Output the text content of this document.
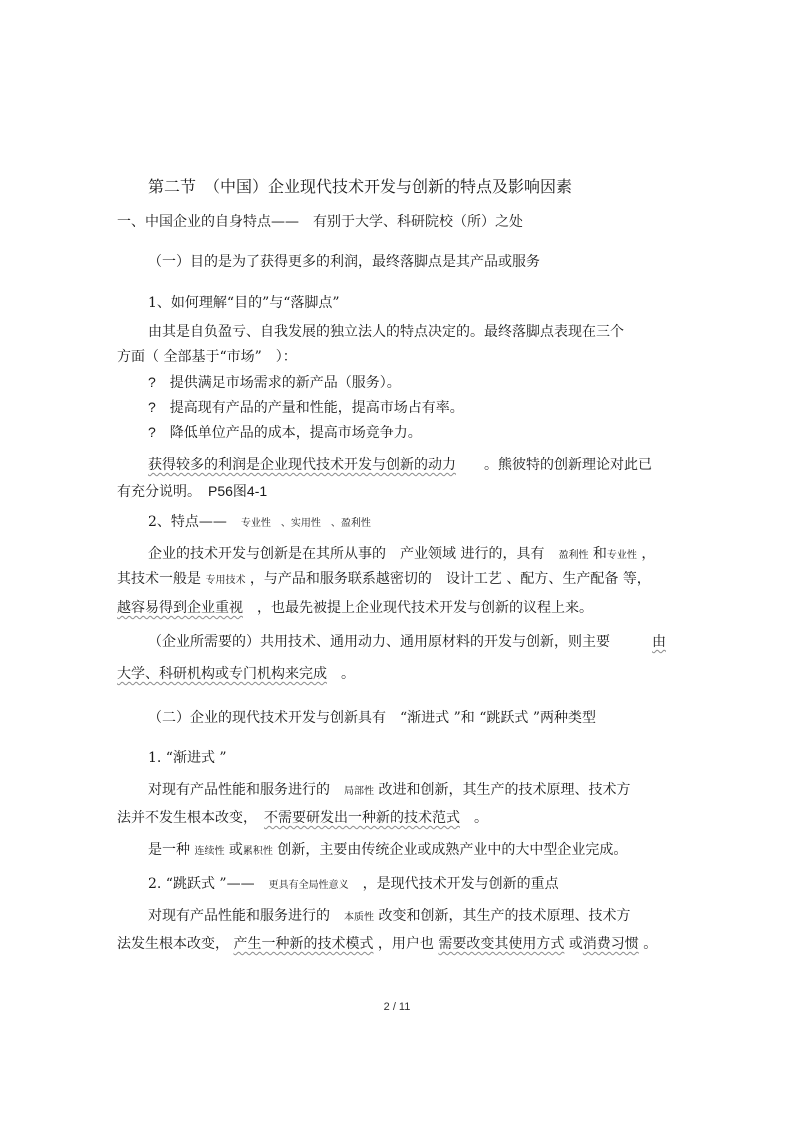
第二节　（中国）企业现代技术开发与创新的特点及影响因素
一、中国企业的自身特点——　有别于大学、科研院校（所）之处
（一）目的是为了获得更多的利润，最终落脚点是其产品或服务
1、如何理解“目的”与“落脚点”
由其是自负盈亏、自我发展的独立法人的特点决定的。最终落脚点表现在三个
方面（ 全部基于“市场”　）：
?　 提供满足市场需求的新产品（服务）。
?　 提高现有产品的产量和性能，提高市场占有率。
?　 降低单位产品的成本，提高市场竞争力。
获得较多的利润是企业现代技术开发与创新的动力　　 。熊彼特的创新理论对此已
有充分说明。　 P56图4-1
2、特点——　 专业性　、实用性　、盈利性
企业的技术开发与创新是在其所从事的　 产业领域 进行的，具有　 盈利性 和专业性 ，
其技术一般是 专用技术 ，与产品和服务联系越密切的　 设计工艺 、配方、生产配备 等，
越容易得到企业重视　 ，也最先被提上企业现代技术开发与创新的议程上来。
（企业所需要的）共用技术、通用动力、通用原材料的开发与创新，则主要　　　	由
大学、科研机构或专门机构来完成　 。
（二）企业的现代技术开发与创新具有　“渐进式 ”和 “跳跃式 ”两种类型
1. “渐进式 ”
对现有产品性能和服务进行的　 局部性 改进和创新，其生产的技术原理、技术方
法并不发生根本改变，　 不需要研发出一种新的技术范式　 。
是一种 连续性 或累积性 创新，主要由传统企业或成熟产业中的大中型企业完成。
2. “跳跃式 ”——　 更具有全局性意义　 ，是现代技术开发与创新的重点
对现有产品性能和服务进行的　 本质性 改变和创新，其生产的技术原理、技术方
法发生根本改变， 产生一种新的技术模式 ，用户也 需要改变其使用方式 或消费习惯 。
2 / 11
